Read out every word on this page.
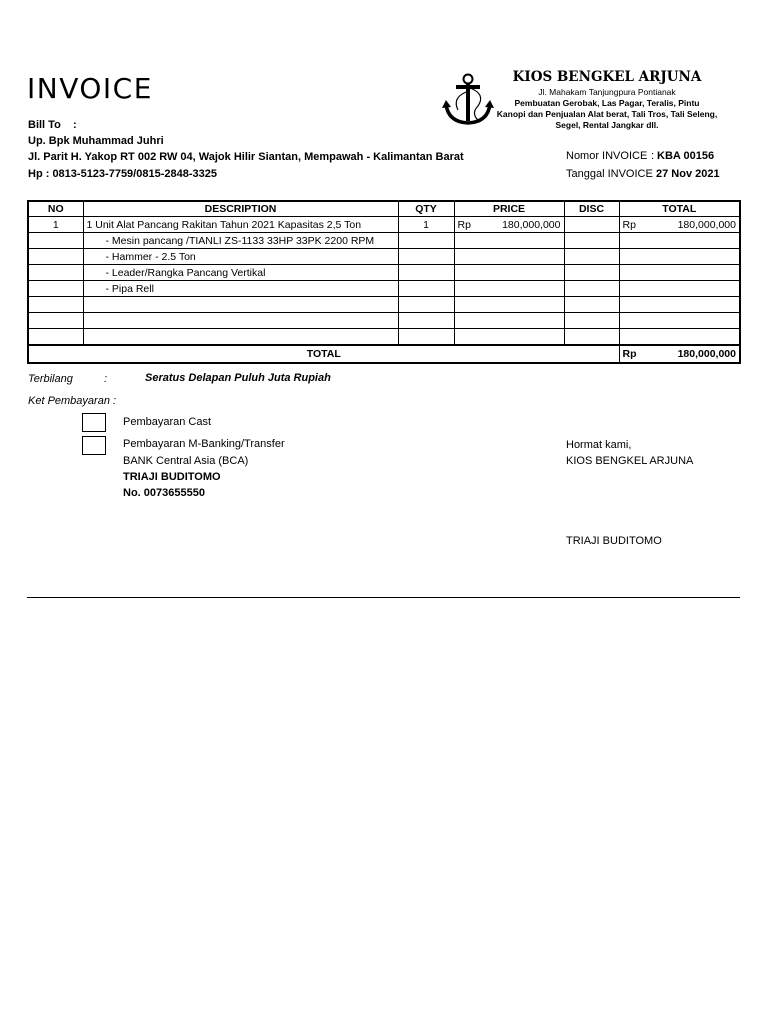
INVOICE	KIOS BENGKEL ARJUNA
Jl. Mahakam Tanjungpura Pontianak
Pembuatan Gerobak, Las Pagar, Teralis, Pintu
Kanopi dan Penjualan Alat berat, Tali Tros, Tali Seleng,
Segel, Rental Jangkar dll.
Bill To    :
Up. Bpk Muhammad Juhri
Jl. Parit H. Yakop RT 002 RW 04, Wajok Hilir Siantan, Mempawah - Kalimantan Barat
Hp : 0813-5123-7759/0815-2848-3325
Nomor INVOICE : KBA 00156
Tanggal INVOICE :
27 Nov 2021
NO	DESCRIPTION	QTY	PRICE	DISC	TOTAL
1	1 Unit Alat Pancang Rakitan Tahun 2021 Kapasitas 2,5 Ton	1	Rp 180,000,000		Rp 180,000,000

	- Mesin pancang /TIANLI ZS-1133 33HP 33PK 2200 RPM		

	- Hammer - 2.5 Ton		

	- Leader/Rangka Pancang Vertikal		

	- Pipa Rell		

TOTAL					Rp 180,000,000
Terbilang	:	Seratus Delapan Puluh Juta Rupiah
Ket Pembayaran :
Pembayaran Cast
Pembayaran M-Banking/Transfer
BANK Central Asia (BCA)
TRIAJI BUDITOMO
No. 0073655550
Hormat kami,
KIOS BENGKEL ARJUNA
TRIAJI BUDITOMO
